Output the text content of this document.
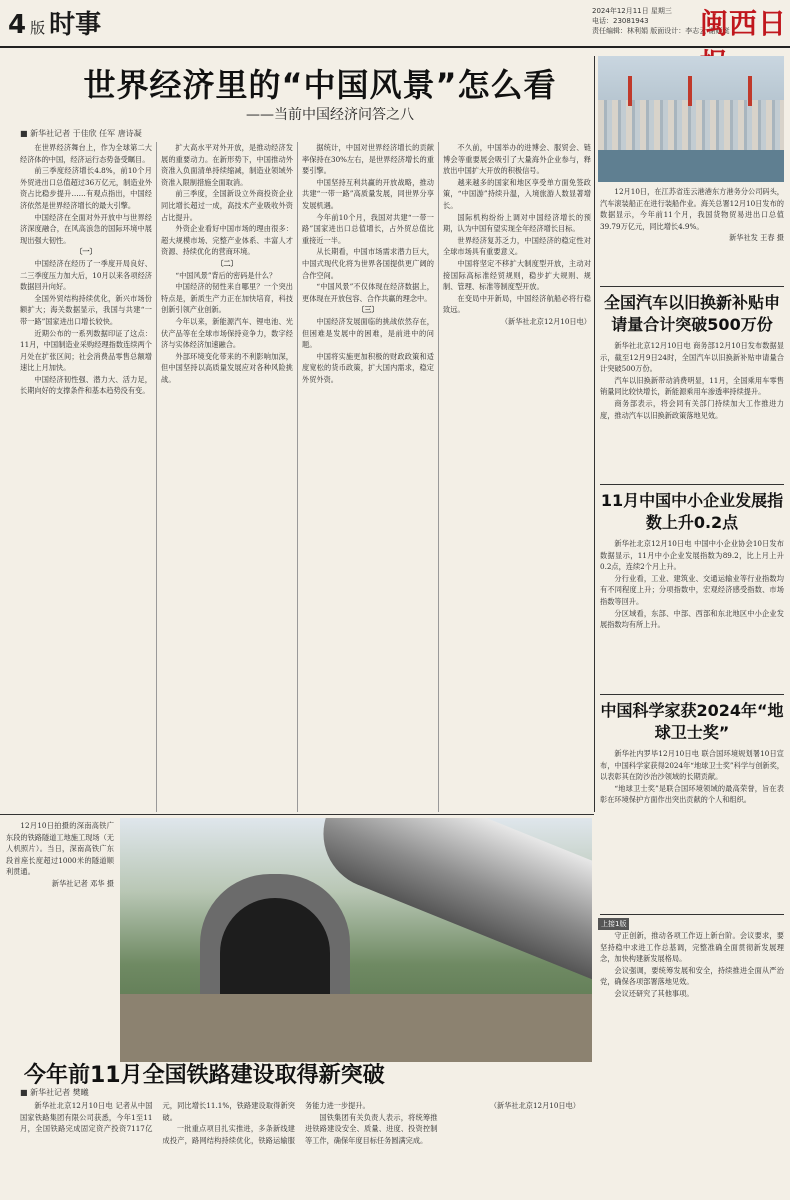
4 版 时事	2024年12月11日 星期三
电话：23081943
责任编辑：林利娟 版面设计：李志云 谢蜓蜓
闽西日
世界经济里的“中国风景”怎么看
——当前中国经济问答之八
■ 新华社记者 于佳欣 任军 唐诗凝

在世界经济舞台上，作为全球第二大经济体的中国，经济运行态势备受瞩目。

前三季度经济增长4.8%，前10个月外贸进出口总值超过36万亿元，制造业外资占比稳步提升……有观点指出，中国经济依然是世界经济增长的最大引擎。

中国经济在全面对外开放中与世界经济深度融合，在风高浪急的国际环境中展现出强大韧性。

〔一〕

中国经济在经历了一季度开局良好、二三季度压力加大后，10月以来各项经济数据回升向好。

全国外贸结构持续优化，新兴市场份额扩大；海关数据显示，我国与共建“一带一路”国家进出口增长较快。

近期公布的一系列数据印证了这点：11月，中国制造业采购经理指数连续两个月处在扩张区间；社会消费品零售总额增速比上月加快。

中国经济韧性强、潜力大、活力足，长期向好的支撑条件和基本趋势没有变。

扩大高水平对外开放，是推动经济发展的重要动力。在新形势下，中国推动外资准入负面清单持续缩减，制造业领域外资准入限制措施全面取消。

前三季度，全国新设立外商投资企业同比增长超过一成，高技术产业吸收外资占比提升。

外资企业看好中国市场的理由很多：超大规模市场、完整产业体系、丰富人才资源、持续优化的营商环境。

〔二〕

“中国风景”背后的密码是什么？

中国经济的韧性来自哪里？一个突出特点是，新质生产力正在加快培育，科技创新引领产业创新。

今年以来，新能源汽车、锂电池、光伏产品等在全球市场保持竞争力，数字经济与实体经济加速融合。

外部环境变化带来的不利影响加深，但中国坚持以高质量发展应对各种风险挑战。

据统计，中国对世界经济增长的贡献率保持在30%左右，是世界经济增长的重要引擎。

中国坚持互利共赢的开放战略，推动共建“一带一路”高质量发展，同世界分享发展机遇。

今年前10个月，我国对共建“一带一路”国家进出口总值增长，占外贸总值比重接近一半。

从长期看，中国市场需求潜力巨大，中国式现代化将为世界各国提供更广阔的合作空间。

“中国风景”不仅体现在经济数据上，更体现在开放包容、合作共赢的理念中。

〔三〕

中国经济发展面临的挑战依然存在，但困难是发展中的困难，是前进中的问题。

中国将实施更加积极的财政政策和适度宽松的货币政策，扩大国内需求，稳定外贸外资。

不久前，中国举办的进博会、服贸会、链博会等重要展会吸引了大量海外企业参与，释放出中国扩大开放的积极信号。

越来越多的国家和地区享受单方面免签政策，“中国游”持续升温，入境旅游人数显著增长。

国际机构纷纷上调对中国经济增长的预期，认为中国有望实现全年经济增长目标。

世界经济复苏乏力，中国经济的稳定性对全球市场具有重要意义。

中国将坚定不移扩大制度型开放，主动对接国际高标准经贸规则，稳步扩大规则、规制、管理、标准等制度型开放。

在变局中开新局，中国经济航船必将行稳致远。

（新华社北京12月10日电）

12月10日，在江苏省连云港港东方港务分公司码头，汽车滚装船正在进行装船作业。海关总署12月10日发布的数据显示，今年前11个月，我国货物贸易进出口总值39.79万亿元，同比增长4.9%。

新华社发 王春 摄

全国汽车以旧换新补贴申请量合计突破500万份

新华社北京12月10日电 商务部12月10日发布数据显示，截至12月9日24时，全国汽车以旧换新补贴申请量合计突破500万份。

汽车以旧换新带动消费明显，11月，全国乘用车零售销量同比较快增长，新能源乘用车渗透率持续提升。

商务部表示，将会同有关部门持续加大工作推进力度，推动汽车以旧换新政策落地见效。

11月中国中小企业发展指数上升0.2点

新华社北京12月10日电 中国中小企业协会10日发布数据显示，11月中小企业发展指数为89.2，比上月上升0.2点，连续2个月上升。

分行业看，工业、建筑业、交通运输业等行业指数均有不同程度上升；分项指数中，宏观经济感受指数、市场指数等回升。

分区域看，东部、中部、西部和东北地区中小企业发展指数均有所上升。

中国科学家获2024年“地球卫士奖”

新华社内罗毕12月10日电 联合国环境规划署10日宣布，中国科学家获得2024年“地球卫士奖”科学与创新奖，以表彰其在防沙治沙领域的长期贡献。

“地球卫士奖”是联合国环境领域的最高荣誉，旨在表彰在环境保护方面作出突出贡献的个人和组织。

上接1版

守正创新，推动各项工作迈上新台阶。会议要求，要坚持稳中求进工作总基调，完整准确全面贯彻新发展理念，加快构建新发展格局。

会议强调，要统筹发展和安全，持续推进全面从严治党，确保各项部署落地见效。

会议还研究了其他事项。

12月10日拍摄的深南高铁广东段的铁路隧道工地施工现场（无人机照片）。当日，深南高铁广东段首座长度超过1000米的隧道顺利贯通。

新华社记者 邓华 摄

今年前11月全国铁路建设取得新突破
■ 新华社记者 樊曦

新华社北京12月10日电 记者从中国国家铁路集团有限公司获悉，今年1至11月，全国铁路完成固定资产投资7117亿元，同比增长11.1%，铁路建设取得新突破。

一批重点项目扎实推进，多条新线建成投产，路网结构持续优化，铁路运输服务能力进一步提升。

国铁集团有关负责人表示，将统筹推进铁路建设安全、质量、进度、投资控制等工作，确保年度目标任务圆满完成。

（新华社北京12月10日电）
